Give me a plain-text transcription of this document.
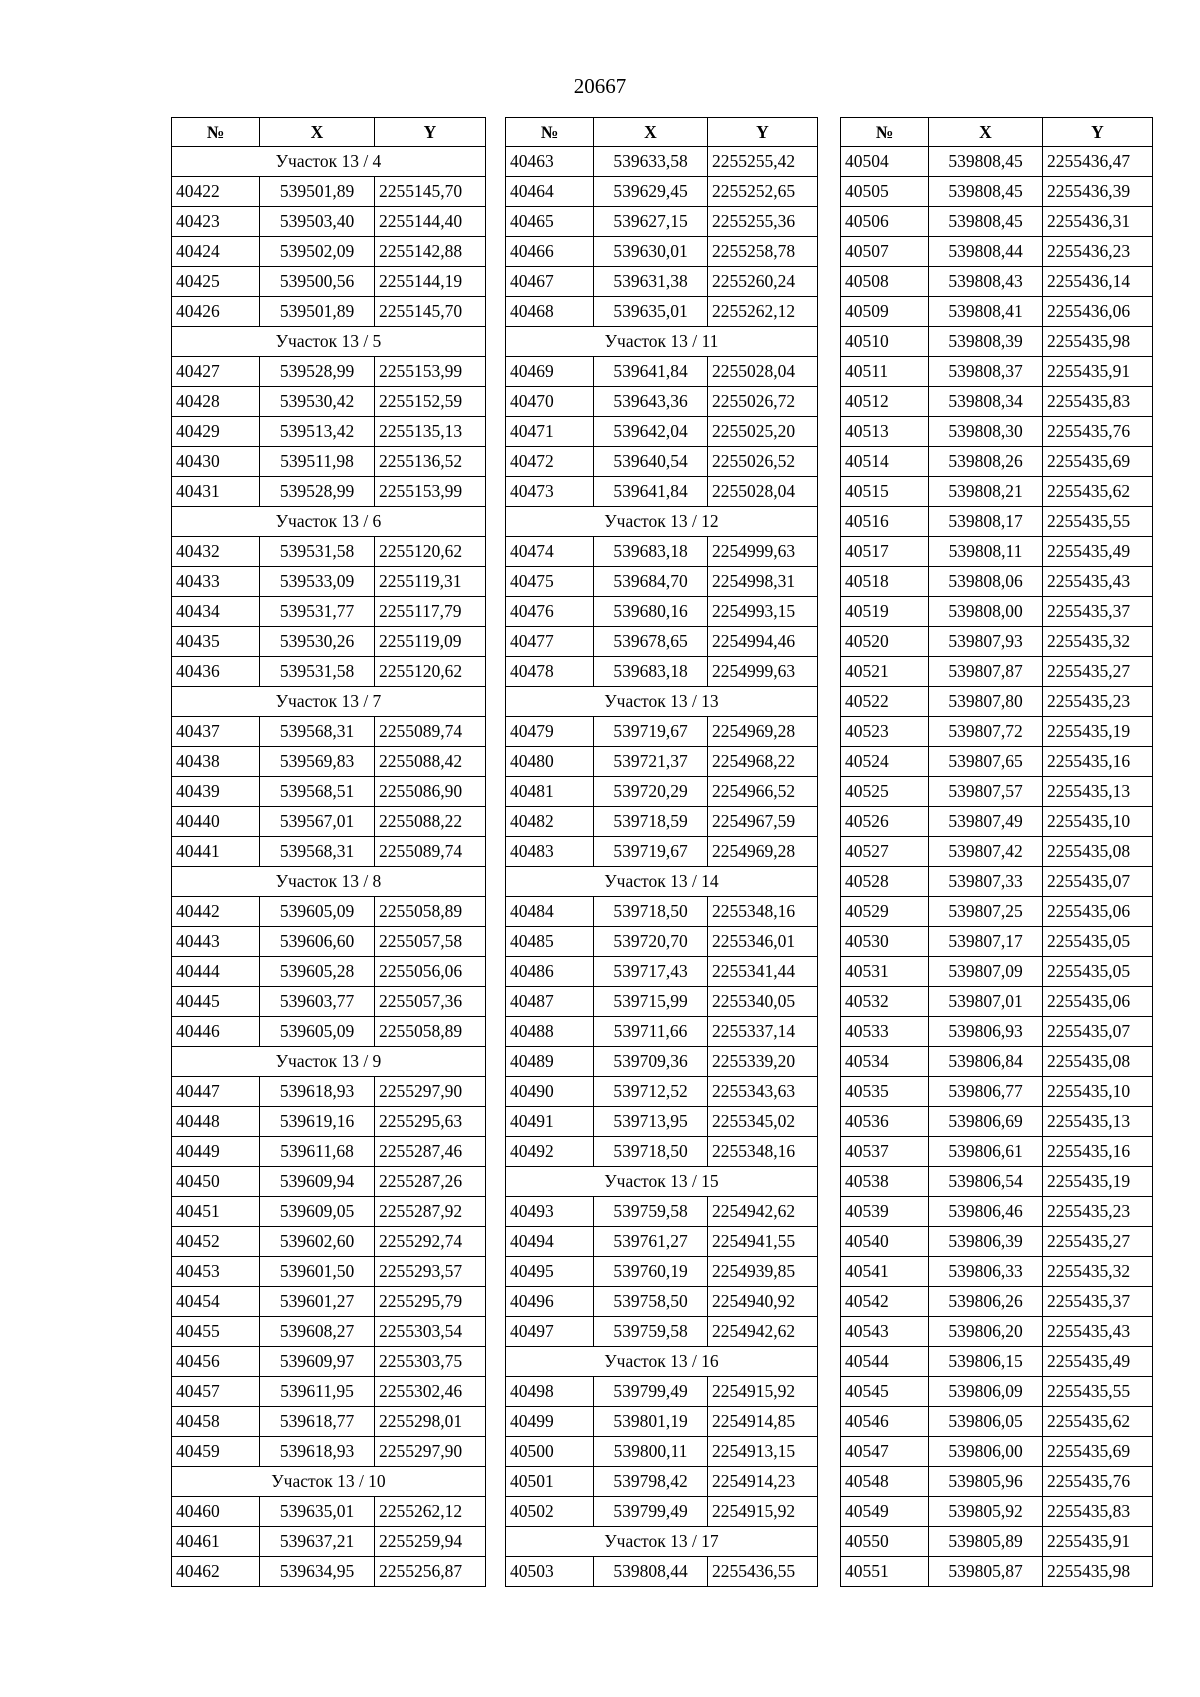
20667
№	X	Y
Участок 13 / 4		
40422	539501,89	2255145,70
40423	539503,40	2255144,40
40424	539502,09	2255142,88
40425	539500,56	2255144,19
40426	539501,89	2255145,70
Участок 13 / 5		
40427	539528,99	2255153,99
40428	539530,42	2255152,59
40429	539513,42	2255135,13
40430	539511,98	2255136,52
40431	539528,99	2255153,99
Участок 13 / 6		
40432	539531,58	2255120,62
40433	539533,09	2255119,31
40434	539531,77	2255117,79
40435	539530,26	2255119,09
40436	539531,58	2255120,62
Участок 13 / 7		
40437	539568,31	2255089,74
40438	539569,83	2255088,42
40439	539568,51	2255086,90
40440	539567,01	2255088,22
40441	539568,31	2255089,74
Участок 13 / 8		
40442	539605,09	2255058,89
40443	539606,60	2255057,58
40444	539605,28	2255056,06
40445	539603,77	2255057,36
40446	539605,09	2255058,89
Участок 13 / 9		
40447	539618,93	2255297,90
40448	539619,16	2255295,63
40449	539611,68	2255287,46
40450	539609,94	2255287,26
40451	539609,05	2255287,92
40452	539602,60	2255292,74
40453	539601,50	2255293,57
40454	539601,27	2255295,79
40455	539608,27	2255303,54
40456	539609,97	2255303,75
40457	539611,95	2255302,46
40458	539618,77	2255298,01
40459	539618,93	2255297,90
Участок 13 / 10		
40460	539635,01	2255262,12
40461	539637,21	2255259,94
40462	539634,95	2255256,87
№	X	Y
40463	539633,58	2255255,42
40464	539629,45	2255252,65
40465	539627,15	2255255,36
40466	539630,01	2255258,78
40467	539631,38	2255260,24
40468	539635,01	2255262,12
Участок 13 / 11		
40469	539641,84	2255028,04
40470	539643,36	2255026,72
40471	539642,04	2255025,20
40472	539640,54	2255026,52
40473	539641,84	2255028,04
Участок 13 / 12		
40474	539683,18	2254999,63
40475	539684,70	2254998,31
40476	539680,16	2254993,15
40477	539678,65	2254994,46
40478	539683,18	2254999,63
Участок 13 / 13		
40479	539719,67	2254969,28
40480	539721,37	2254968,22
40481	539720,29	2254966,52
40482	539718,59	2254967,59
40483	539719,67	2254969,28
Участок 13 / 14		
40484	539718,50	2255348,16
40485	539720,70	2255346,01
40486	539717,43	2255341,44
40487	539715,99	2255340,05
40488	539711,66	2255337,14
40489	539709,36	2255339,20
40490	539712,52	2255343,63
40491	539713,95	2255345,02
40492	539718,50	2255348,16
Участок 13 / 15		
40493	539759,58	2254942,62
40494	539761,27	2254941,55
40495	539760,19	2254939,85
40496	539758,50	2254940,92
40497	539759,58	2254942,62
Участок 13 / 16		
40498	539799,49	2254915,92
40499	539801,19	2254914,85
40500	539800,11	2254913,15
40501	539798,42	2254914,23
40502	539799,49	2254915,92
Участок 13 / 17		
40503	539808,44	2255436,55
№	X	Y
40504	539808,45	2255436,47
40505	539808,45	2255436,39
40506	539808,45	2255436,31
40507	539808,44	2255436,23
40508	539808,43	2255436,14
40509	539808,41	2255436,06
40510	539808,39	2255435,98
40511	539808,37	2255435,91
40512	539808,34	2255435,83
40513	539808,30	2255435,76
40514	539808,26	2255435,69
40515	539808,21	2255435,62
40516	539808,17	2255435,55
40517	539808,11	2255435,49
40518	539808,06	2255435,43
40519	539808,00	2255435,37
40520	539807,93	2255435,32
40521	539807,87	2255435,27
40522	539807,80	2255435,23
40523	539807,72	2255435,19
40524	539807,65	2255435,16
40525	539807,57	2255435,13
40526	539807,49	2255435,10
40527	539807,42	2255435,08
40528	539807,33	2255435,07
40529	539807,25	2255435,06
40530	539807,17	2255435,05
40531	539807,09	2255435,05
40532	539807,01	2255435,06
40533	539806,93	2255435,07
40534	539806,84	2255435,08
40535	539806,77	2255435,10
40536	539806,69	2255435,13
40537	539806,61	2255435,16
40538	539806,54	2255435,19
40539	539806,46	2255435,23
40540	539806,39	2255435,27
40541	539806,33	2255435,32
40542	539806,26	2255435,37
40543	539806,20	2255435,43
40544	539806,15	2255435,49
40545	539806,09	2255435,55
40546	539806,05	2255435,62
40547	539806,00	2255435,69
40548	539805,96	2255435,76
40549	539805,92	2255435,83
40550	539805,89	2255435,91
40551	539805,87	2255435,98
